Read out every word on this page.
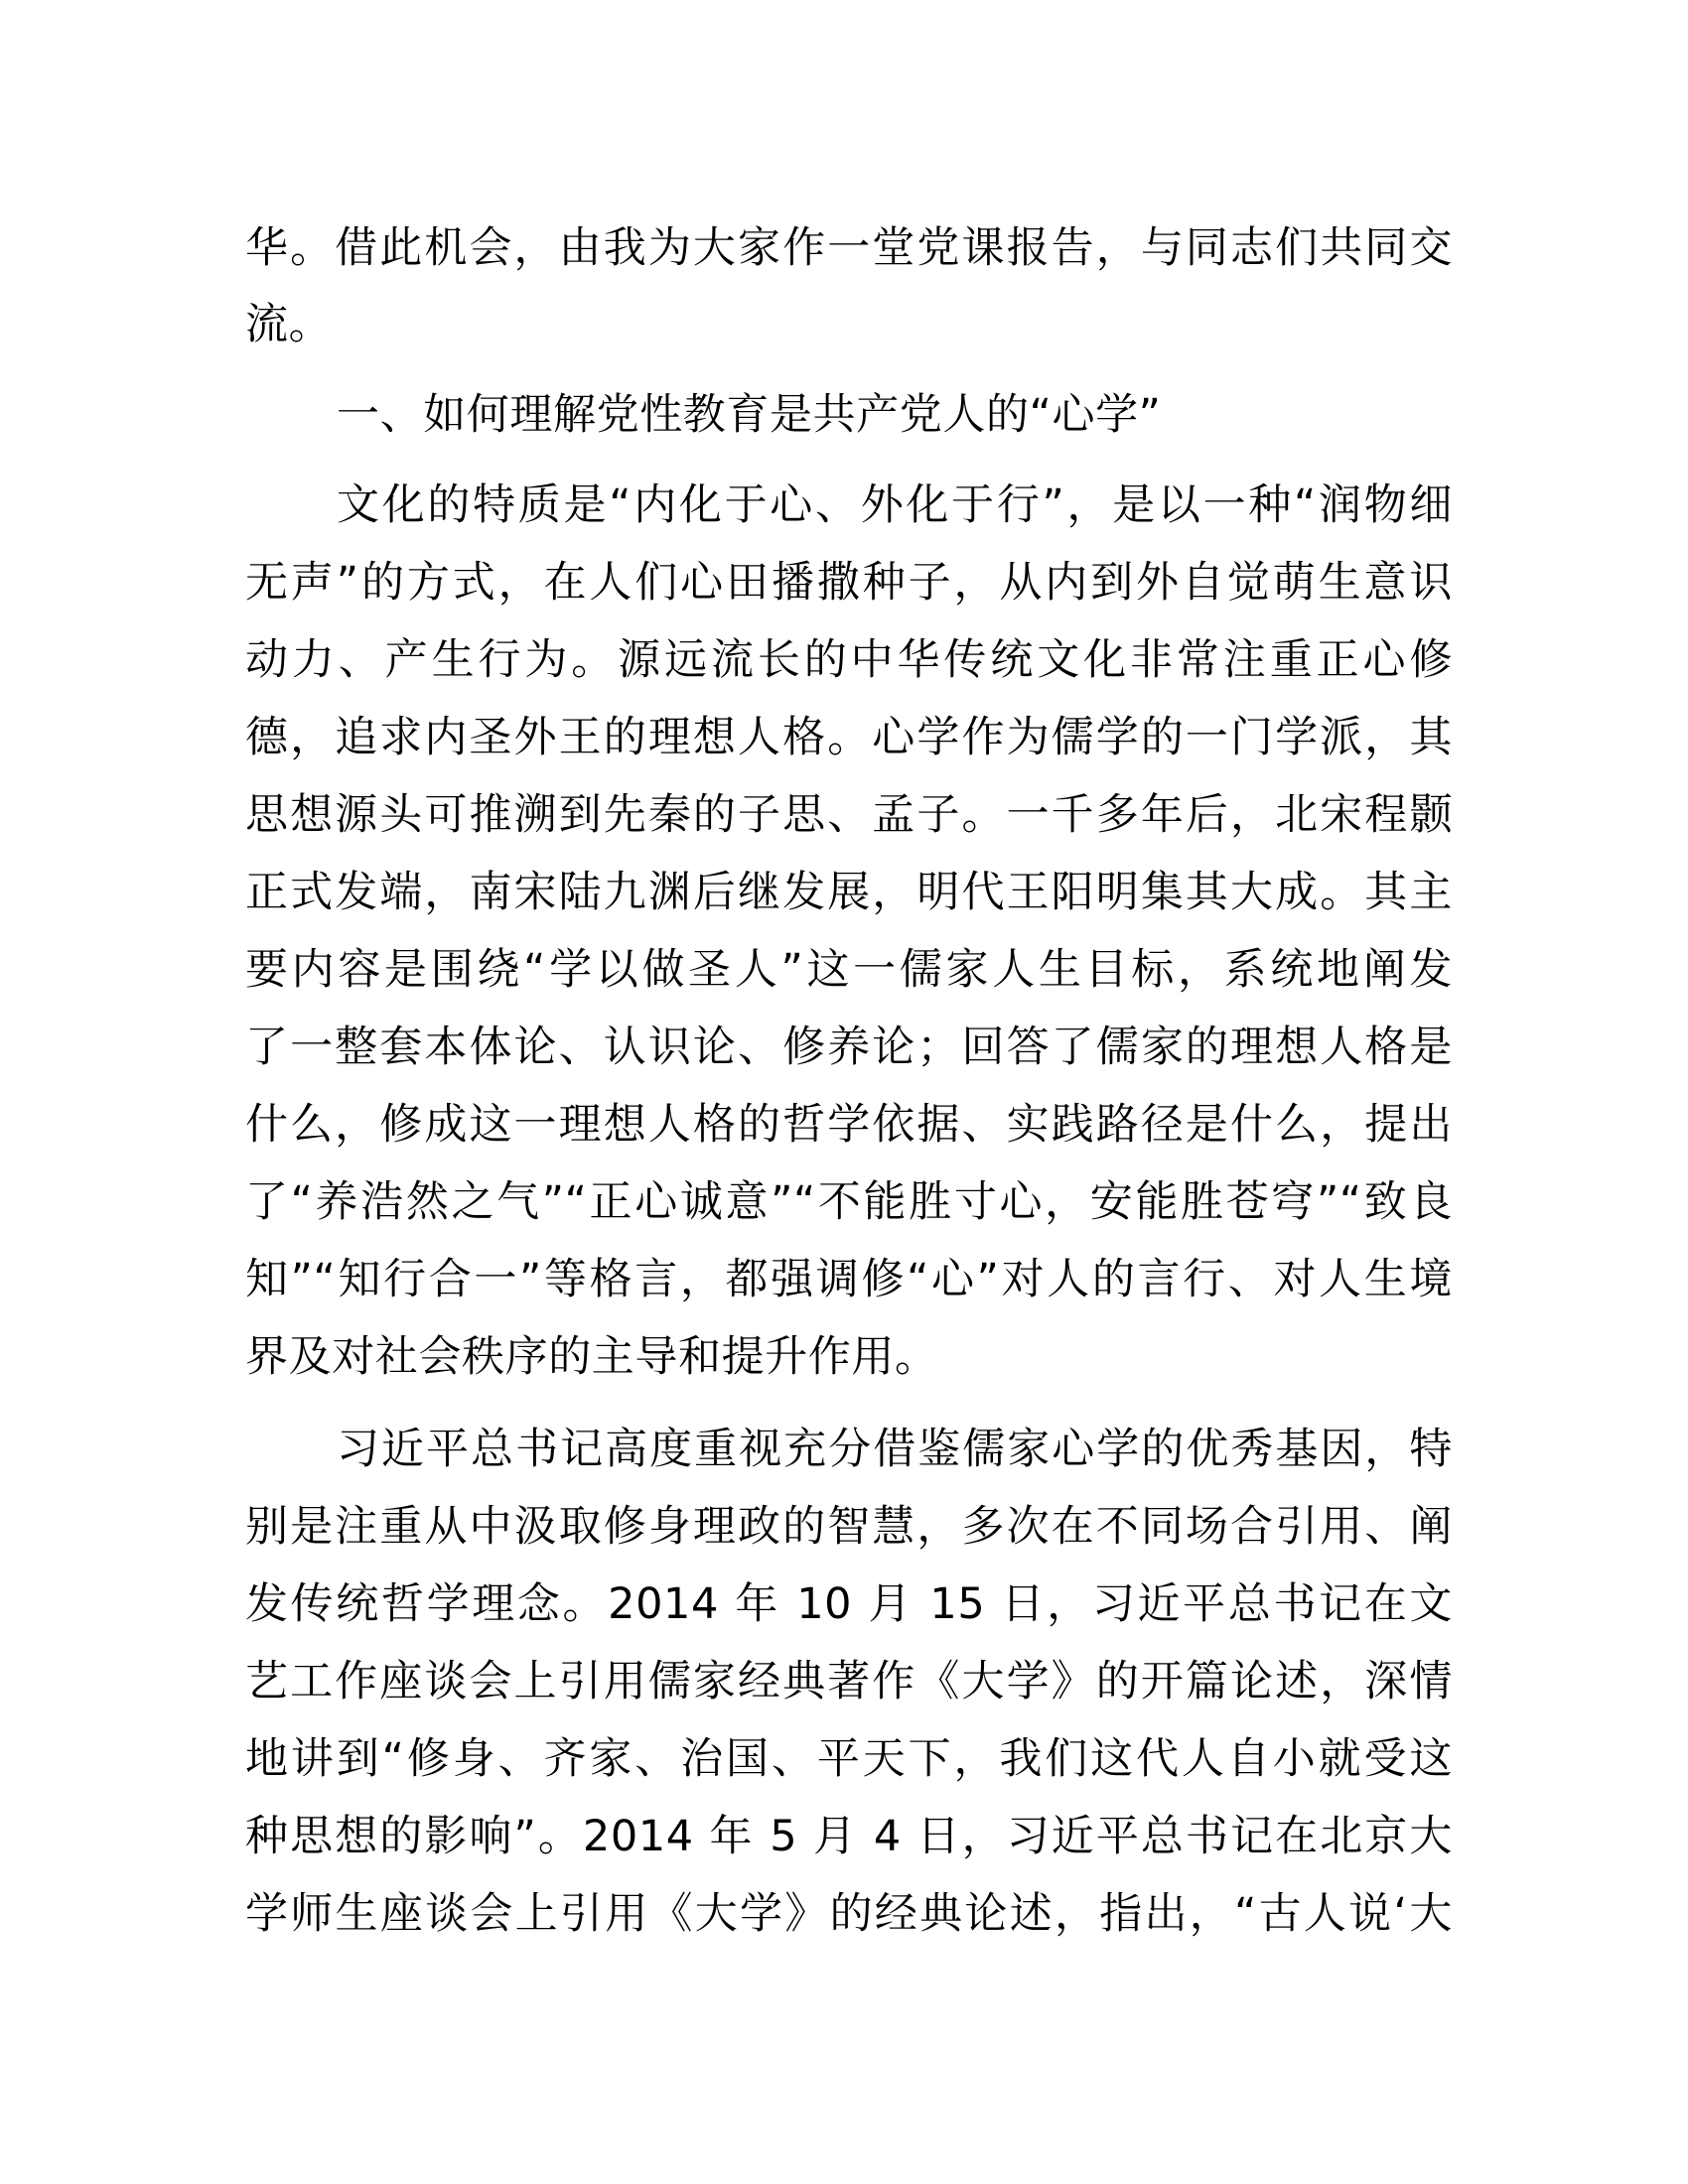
华。借此机会，由我为大家作一堂党课报告，与同志们共同交
流。
一、如何理解党性教育是共产党人的“心学”
文化的特质是“内化于心、外化于行”，是以一种“润物细
无声”的方式，在人们心田播撒种子，从内到外自觉萌生意识
动力、产生行为。源远流长的中华传统文化非常注重正心修
德，追求内圣外王的理想人格。心学作为儒学的一门学派，其
思想源头可推溯到先秦的子思、孟子。一千多年后，北宋程颢
正式发端，南宋陆九渊后继发展，明代王阳明集其大成。其主
要内容是围绕“学以做圣人”这一儒家人生目标，系统地阐发
了一整套本体论、认识论、修养论；回答了儒家的理想人格是
什么，修成这一理想人格的哲学依据、实践路径是什么，提出
了“养浩然之气”“正心诚意”“不能胜寸心，安能胜苍穹”“致良
知”“知行合一”等格言，都强调修“心”对人的言行、对人生境
界及对社会秩序的主导和提升作用。
习近平总书记高度重视充分借鉴儒家心学的优秀基因，特
别是注重从中汲取修身理政的智慧，多次在不同场合引用、阐
发传统哲学理念。2014 年 10 月 15 日，习近平总书记在文
艺工作座谈会上引用儒家经典著作《大学》的开篇论述，深情
地讲到“修身、齐家、治国、平天下，我们这代人自小就受这
种思想的影响”。2014 年 5 月 4 日，习近平总书记在北京大
学师生座谈会上引用《大学》的经典论述，指出，“古人说‘大
